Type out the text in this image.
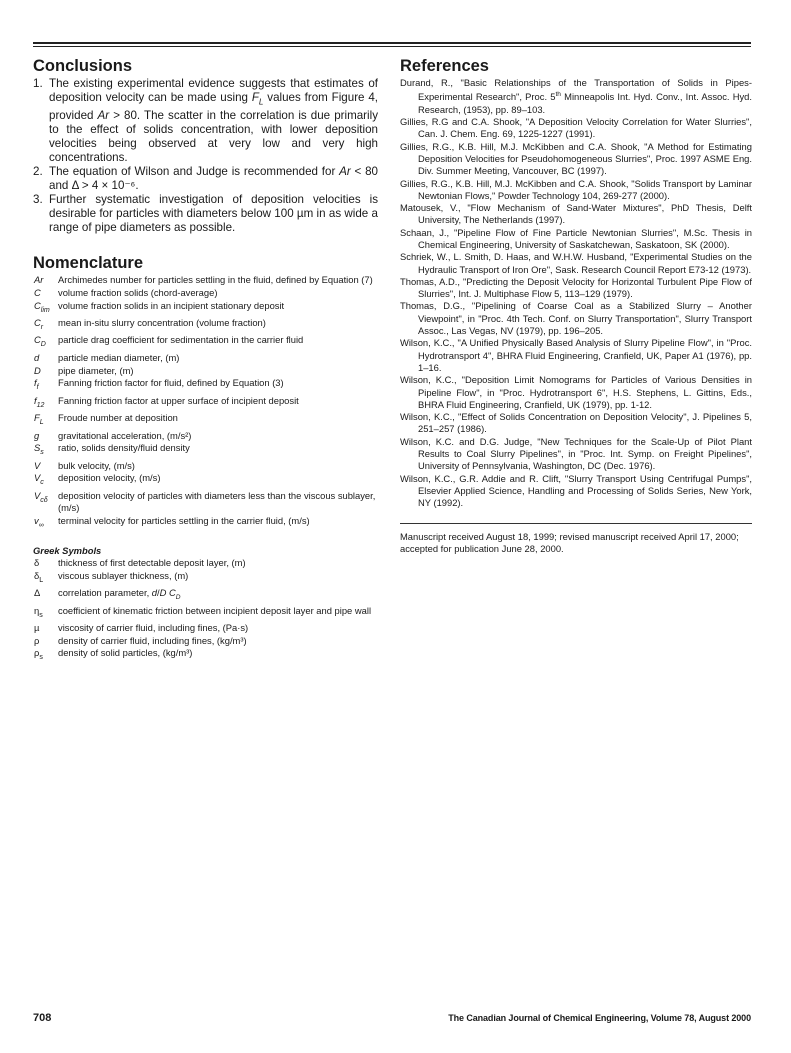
Conclusions
1. The existing experimental evidence suggests that estimates of deposition velocity can be made using $F_L$ values from Figure 4, provided Ar > 80. The scatter in the correlation is due primarily to the effect of solids concentration, with lower deposition velocities being observed at very low and very high concentrations.
2. The equation of Wilson and Judge is recommended for Ar < 80 and Δ > 4 × 10⁻⁶.
3. Further systematic investigation of deposition velocities is desirable for particles with diameters below 100 µm in as wide a range of pipe diameters as possible.
Nomenclature
Ar	Archimedes number for particles settling in the fluid, defined by Equation (7)
C	volume fraction solids (chord-average)
$C_{lim}$ volume fraction solids in an incipient stationary deposit
$C_r$	mean in-situ slurry concentration (volume fraction)
$C_D$	particle drag coefficient for sedimentation in the carrier fluid
d	particle median diameter, (m)
D	pipe diameter, (m)
$f_f$	Fanning friction factor for fluid, defined by Equation (3)
$f_{12}$	Fanning friction factor at upper surface of incipient deposit
$F_L$	Froude number at deposition
g	gravitational acceleration, (m/s²)
$S_s$	ratio, solids density/fluid density
V	bulk velocity, (m/s)
$V_c$	deposition velocity, (m/s)
$V_{c\delta}$	deposition velocity of particles with diameters less than the viscous sublayer, (m/s)
$v_\infty$	terminal velocity for particles settling in the carrier fluid, (m/s)
Greek Symbols
δ	thickness of first detectable deposit layer, (m)
$\delta_L$	viscous sublayer thickness, (m)
Δ	correlation parameter, d/D $C_D$
$\eta_s$	coefficient of kinematic friction between incipient deposit layer and pipe wall
µ	viscosity of carrier fluid, including fines, (Pa·s)
ρ	density of carrier fluid, including fines, (kg/m³)
$\rho_s$	density of solid particles, (kg/m³)
References
Durand, R., "Basic Relationships of the Transportation of Solids in Pipes-Experimental Research", Proc. 5th Minneapolis Int. Hyd. Conv., Int. Assoc. Hyd. Research, (1953), pp. 89–103.
Gillies, R.G and C.A. Shook, "A Deposition Velocity Correlation for Water Slurries", Can. J. Chem. Eng. 69, 1225-1227 (1991).
Gillies, R.G., K.B. Hill, M.J. McKibben and C.A. Shook, "A Method for Estimating Deposition Velocities for Pseudohomogeneous Slurries", Proc. 1997 ASME Eng. Div. Summer Meeting, Vancouver, BC (1997).
Gillies, R.G., K.B. Hill, M.J. McKibben and C.A. Shook, "Solids Transport by Laminar Newtonian Flows," Powder Technology 104, 269-277 (2000).
Matousek, V., "Flow Mechanism of Sand-Water Mixtures", PhD Thesis, Delft University, The Netherlands (1997).
Schaan, J., "Pipeline Flow of Fine Particle Newtonian Slurries", M.Sc. Thesis in Chemical Engineering, University of Saskatchewan, Saskatoon, SK (2000).
Schriek, W., L. Smith, D. Haas, and W.H.W. Husband, "Experimental Studies on the Hydraulic Transport of Iron Ore", Sask. Research Council Report E73-12 (1973).
Thomas, A.D., "Predicting the Deposit Velocity for Horizontal Turbulent Pipe Flow of Slurries", Int. J. Multiphase Flow 5, 113–129 (1979).
Thomas, D.G., "Pipelining of Coarse Coal as a Stabilized Slurry – Another Viewpoint", in "Proc. 4th Tech. Conf. on Slurry Transportation", Slurry Transport Assoc., Las Vegas, NV (1979), pp. 196–205.
Wilson, K.C., "A Unified Physically Based Analysis of Slurry Pipeline Flow", in "Proc. Hydrotransport 4", BHRA Fluid Engineering, Cranfield, UK, Paper A1 (1976), pp. 1–16.
Wilson, K.C., "Deposition Limit Nomograms for Particles of Various Densities in Pipeline Flow", in "Proc. Hydrotransport 6", H.S. Stephens, L. Gittins, Eds., BHRA Fluid Engineering, Cranfield, UK (1979), pp. 1-12.
Wilson, K.C., "Effect of Solids Concentration on Deposition Velocity", J. Pipelines 5, 251–257 (1986).
Wilson, K.C. and D.G. Judge, "New Techniques for the Scale-Up of Pilot Plant Results to Coal Slurry Pipelines", in "Proc. Int. Symp. on Freight Pipelines", University of Pennsylvania, Washington, DC (Dec. 1976).
Wilson, K.C., G.R. Addie and R. Clift, "Slurry Transport Using Centrifugal Pumps", Elsevier Applied Science, Handling and Processing of Solids Series, New York, NY (1992).
Manuscript received August 18, 1999; revised manuscript received April 17, 2000; accepted for publication June 28, 2000.
708	The Canadian Journal of Chemical Engineering, Volume 78, August 2000
